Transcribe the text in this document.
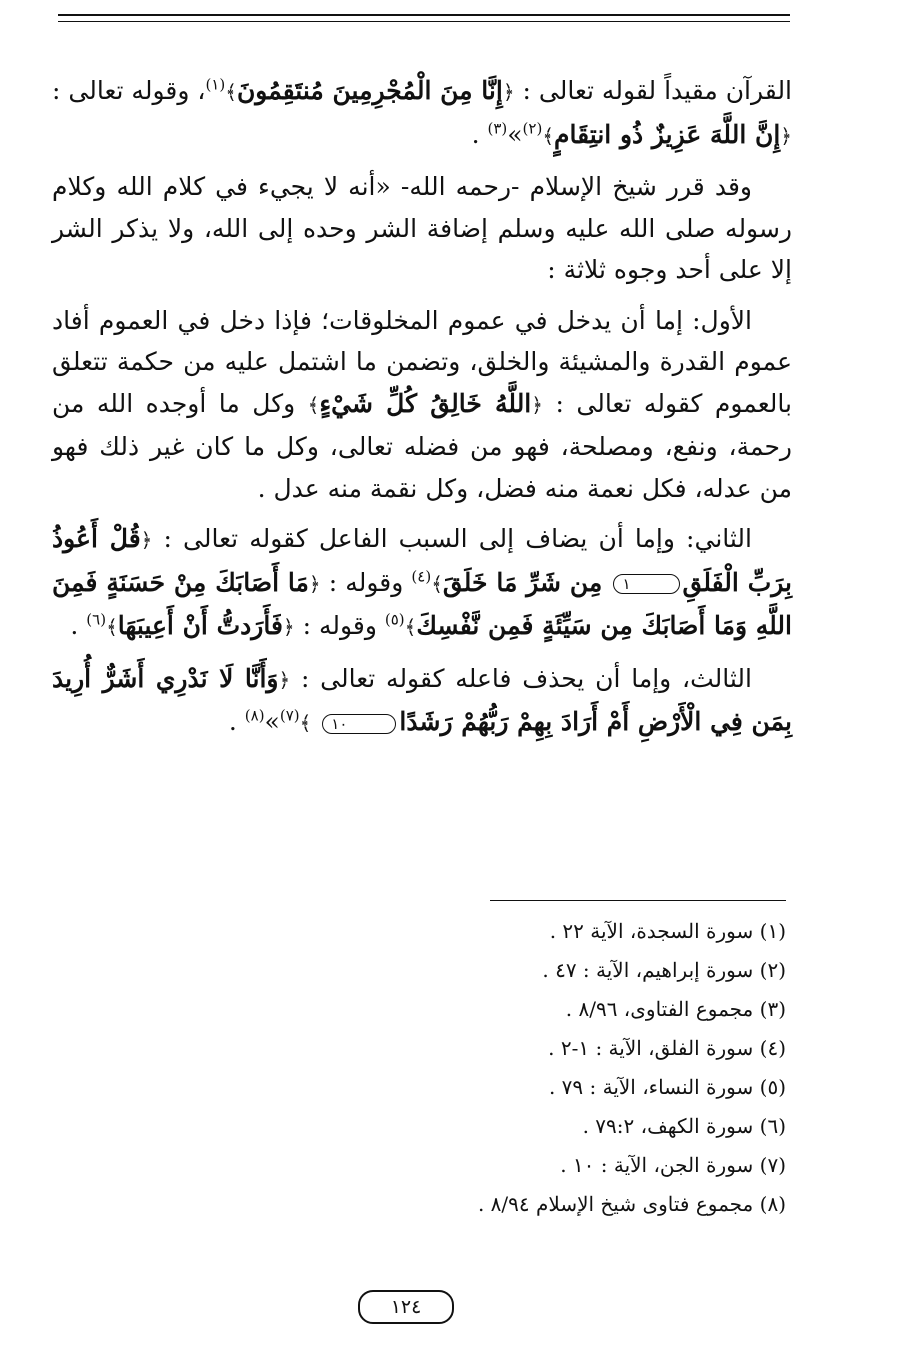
القرآن مقيداً لقوله تعالى : ﴿إِنَّا مِنَ الْمُجْرِمِينَ مُنتَقِمُونَ﴾$^{(١)}$، وقوله تعالى : ﴿إِنَّ اللَّهَ عَزِيزٌ ذُو انتِقَامٍ﴾$^{(٢)}$»$^{(٣)}$ .

وقد قرر شيخ الإسلام -رحمه الله- «أنه لا يجيء في كلام الله وكلام رسوله صلى الله عليه وسلم إضافة الشر وحده إلى الله، ولا يذكر الشر إلا على أحد وجوه ثلاثة :

الأول: إما أن يدخل في عموم المخلوقات؛ فإذا دخل في العموم أفاد عموم القدرة والمشيئة والخلق، وتضمن ما اشتمل عليه من حكمة تتعلق بالعموم كقوله تعالى : ﴿اللَّهُ خَالِقُ كُلِّ شَيْءٍ﴾ وكل ما أوجده الله من رحمة، ونفع، ومصلحة، فهو من فضله تعالى، وكل ما كان غير ذلك فهو من عدله، فكل نعمة منه فضل، وكل نقمة منه عدل .

الثاني: وإما أن يضاف إلى السبب الفاعل كقوله تعالى : ﴿قُلْ أَعُوذُ بِرَبِّ الْفَلَقِ١ مِن شَرِّ مَا خَلَقَ﴾$^{(٤)}$ وقوله : ﴿مَا أَصَابَكَ مِنْ حَسَنَةٍ فَمِنَ اللَّهِ وَمَا أَصَابَكَ مِن سَيِّئَةٍ فَمِن نَّفْسِكَ﴾$^{(٥)}$ وقوله : ﴿فَأَرَدتُّ أَنْ أَعِيبَهَا﴾$^{(٦)}$ .

الثالث، وإما أن يحذف فاعله كقوله تعالى : ﴿وَأَنَّا لَا نَدْرِي أَشَرٌّ أُرِيدَ بِمَن فِي الْأَرْضِ أَمْ أَرَادَ بِهِمْ رَبُّهُمْ رَشَدًا١٠ ﴾$^{(٧)}$»$^{(٨)}$ .

(١) سورة السجدة، الآية ٢٢ .
(٢) سورة إبراهيم، الآية : ٤٧ .
(٣) مجموع الفتاوى، ٨/٩٦ .
(٤) سورة الفلق، الآية : ١-٢ .
(٥) سورة النساء، الآية : ٧٩ .
(٦) سورة الكهف، ٧٩:٢ .
(٧) سورة الجن، الآية : ١٠ .
(٨) مجموع فتاوى شيخ الإسلام ٨/٩٤ .
١٢٤
